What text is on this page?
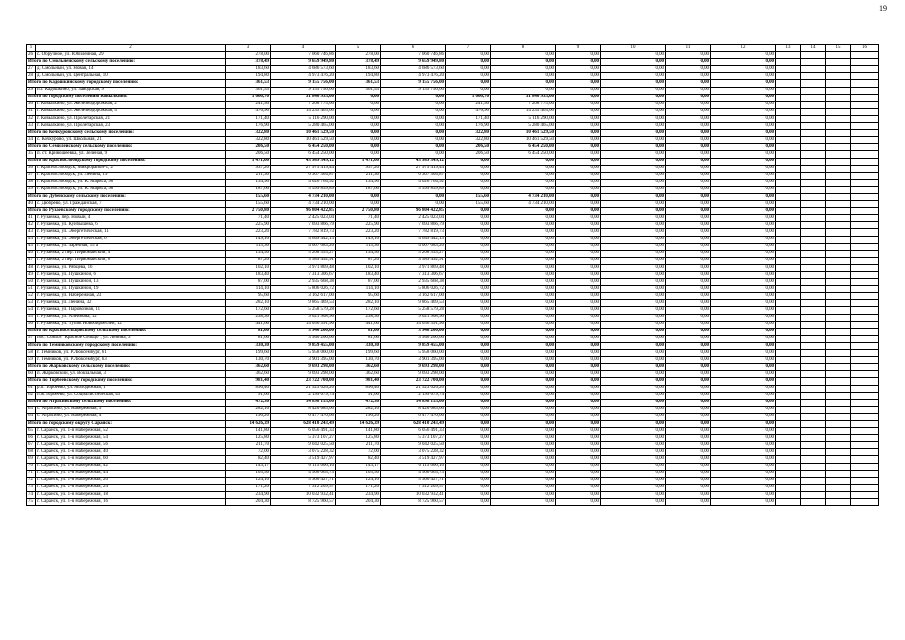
19
1	2	3	4	5	6	7	8	9	10	11	12	13	14	15	16
26	с. Обручное, ул. Юбилейная, 29	278,00	7 060 746,86	278,00	7 060 746,86	0,00	0,00	0,00	0,00	0,00	0,00				
Итого по Смольненскому сельскому поселению:		378,49	9 659 949,80	378,49	9 659 949,80	0,00	0,00	0,00	0,00	0,00	0,00				
27	д. Смольный, ул. Новая, 14	183,60	4 686 573,60	183,60	4 686 573,60	0,00	0,00	0,00	0,00	0,00	0,00				
28	д. Смольный, ул. Центральная, 10	194,80	4 973 476,20	194,80	4 973 476,20	0,00	0,00	0,00	0,00	0,00	0,00				
Итого по Кадошкинскому городскому поселению:		361,53	9 155 756,00	361,53	9 155 756,00	0,00	0,00	0,00	0,00	0,00	0,00				
29	п.г. Кадошкино, ул. Заводская, 9	361,53	9 155 756,00	361,53	9 155 756,00	0,00	0,00	0,00	0,00	0,00	0,00				
Итого по городскому поселению Ковылкино:		1 066,70	31 840 935,00	0,00	0,00	1 066,70	31 840 935,00	0,00	0,00	0,00	0,00				
30	г. Ковылкино, ул. Железнодорожная, 2	241,50	7 208 775,00	0,00	0,00	241,50	7 208 775,00	0,00	0,00	0,00	0,00				
31	г. Ковылкино, ул. Железнодорожная, 4	476,90	14 235 465,00	0,00	0,00	476,90	14 235 465,00	0,00	0,00	0,00	0,00				
32	г. Ковылкино, ул. Пролетарская, 21	171,40	5 116 290,00	0,00	0,00	171,40	5 116 290,00	0,00	0,00	0,00	0,00				
33	г. Ковылкино, ул. Пролетарская, 23	176,90	5 280 465,00	0,00	0,00	176,90	5 280 465,00	0,00	0,00	0,00	0,00				
Итого по Кочкуровскому сельскому поселению:		322,80	10 461 529,50	0,00	0,00	322,80	10 461 529,50	0,00	0,00	0,00	0,00				
34	с. Кочкурово, ул. Школьная, 21	322,80	10 461 529,50	0,00	0,00	322,80	10 461 529,50	0,00	0,00	0,00	0,00				
Итого по Семилейскому сельскому поселению:		206,50	6 454 250,00	0,00	0,00	206,50	6 454 250,00	0,00	0,00	0,00	0,00				
35	п. ст. Кривошеевка, ул. Зеленая, 9	206,50	6 454 250,00	0,00	0,00	206,50	6 454 250,00	0,00	0,00	0,00	0,00				
Итого по Краснослободскому городскому поселению:		1 471,60	43 989 349,12	1 471,60	43 989 349,12	0,00	0,00	0,00	0,00	0,00	0,00				
36	г. Краснослободск, Микрорайон-1, 2	937,20	27 975 419,44	937,20	27 975 419,44	0,00	0,00	0,00	0,00	0,00	0,00				
37	г. Краснослободск, ул. Ленина, 19	211,30	6 307 304,87	211,30	6 307 304,87	0,00	0,00	0,00	0,00	0,00	0,00				
38	г. Краснослободск, ул. К. Маркса, 96	134,90	4 026 764,92	134,90	4 026 764,92	0,00	0,00	0,00	0,00	0,00	0,00				
39	г. Краснослободск, ул. К. Маркса, 98	187,60	5 599 859,89	187,60	5 599 859,89	0,00	0,00	0,00	0,00	0,00	0,00				
Итого по Дубенскому сельскому поселению:		155,60	4 734 210,00	0,00	0,00	155,60	4 734 210,00	0,00	0,00	0,00	0,00				
40	с. Дюбрево, ул. Гражданская, 7	155,60	4 734 210,00	0,00	0,00	155,60	4 734 210,00	0,00	0,00	0,00	0,00				
Итого по Рузаевскому городскому поселению:		2 750,80	96 804 422,85	2 750,80	96 804 422,85	0,00	0,00	0,00	0,00	0,00	0,00				
41	г. Рузаевка, пер. Новый, 4	71,40	2 425 023,04	71,40	2 425 023,04	0,00	0,00	0,00	0,00	0,00	0,00				
42	г. Рузаевка, ул. Куйбышева, 6	225,90	7 693 866,79	225,90	7 693 866,79	0,00	0,00	0,00	0,00	0,00	0,00				
43	г. Рузаевка, ул. Энергетическая, 11	223,20	7 782 819,73	223,20	7 782 819,73	0,00	0,00	0,00	0,00	0,00	0,00				
44	г. Рузаевка, ул. Энергетическая, 6	149,10	4 649 442,13	149,10	4 649 442,13	0,00	0,00	0,00	0,00	0,00	0,00				
45	г. Рузаевка, ул. Заречная, 15 а	113,30	4 007 083,26	113,30	4 007 083,26	0,00	0,00	0,00	0,00	0,00	0,00				
46	г. Рузаевка, 2 пер. Первомайский, 4	134,50	5 268 553,27	134,50	5 268 553,27	0,00	0,00	0,00	0,00	0,00	0,00				
47	г. Рузаевка, 2 пер. Первомайский, 6	87,20	3 589 492,91	87,20	3 589 492,91	0,00	0,00	0,00	0,00	0,00	0,00				
48	г. Рузаевка, ул. Рябцева, 16	102,10	3 971 869,48	102,10	3 971 869,48	0,00	0,00	0,00	0,00	0,00	0,00				
49	г. Рузаевка, ул. Пушкиной, 6	183,40	7 313 306,67	183,40	7 313 306,67	0,00	0,00	0,00	0,00	0,00	0,00				
50	г. Рузаевка, ул. Пушкиной, 13	87,00	2 935 668,38	87,00	2 935 668,38	0,00	0,00	0,00	0,00	0,00	0,00				
51	г. Рузаевка, ул. Пушкиной, 19	114,10	5 806 026,72	114,10	5 806 026,72	0,00	0,00	0,00	0,00	0,00	0,00				
52	г. Рузаевка, ул. Набережная, 23	95,60	3 162 617,00	95,60	3 162 617,00	0,00	0,00	0,00	0,00	0,00	0,00				
53	г. Рузаевка, ул. Ленина, 32	282,10	9 865 469,53	282,10	9 865 469,53	0,00	0,00	0,00	0,00	0,00	0,00				
54	г. Рузаевка, ул. Паровозная, 11	172,60	5 258 579,28	172,60	5 258 579,28	0,00	0,00	0,00	0,00	0,00	0,00				
55	г. Рузаевка, ул. Алеймова, 12	238,30	9 021 908,90	238,30	9 021 908,90	0,00	0,00	0,00	0,00	0,00	0,00				
56	г. Рузаевка, ул. Тупик Новобирбеглей, 12	441,60	14 056 391,96	441,60	14 056 391,96	0,00	0,00	0,00	0,00	0,00	0,00				
Итого по Красносельцовскому сельскому поселению:		81,60	3 940 200,00	81,60	3 940 200,00	0,00	0,00	0,00	0,00	0,00	0,00				
57	пос. Совхоз "Красное Сельцо", ул. Ленина, 3	81,60	3 940 200,00	81,60	3 940 200,00	0,00	0,00	0,00	0,00	0,00	0,00				
Итого по Темниковскому городскому поселению:		330,30	9 859 455,00	330,30	9 859 455,00	0,00	0,00	0,00	0,00	0,00	0,00				
58	г. Темников, ул. Р.Люксембург, 61	199,60	5 958 060,00	199,60	5 958 060,00	0,00	0,00	0,00	0,00	0,00	0,00				
59	г. Темников, ул. Р.Люксембург, 63	130,70	3 901 395,00	130,70	3 901 395,00	0,00	0,00	0,00	0,00	0,00	0,00				
Итого по Жарковскому сельскому поселению:		362,60	9 693 298,00	362,60	9 693 298,00	0,00	0,00	0,00	0,00	0,00	0,00				
60	п. Жарковский, ул. Вокзальная, 3	362,60	9 693 298,00	362,60	9 693 298,00	0,00	0,00	0,00	0,00	0,00	0,00				
Итого по Торбеевскому городскому поселению:		981,40	23 722 700,00	981,40	23 722 700,00	0,00	0,00	0,00	0,00	0,00	0,00				
61	р.п. Торбеево, ул. Молодежная, 1	890,40	21 523 020,26	890,40	21 523 020,26	0,00	0,00	0,00	0,00	0,00	0,00				
62	п.ж.Торбеево, ул. Социалистическая, 43	91,00	2 199 679,74	91,00	2 199 679,74	0,00	0,00	0,00	0,00	0,00	0,00				
Итого по Атрасинскому сельскому поселению:		472,36	14 898 155,00	472,36	14 898 155,00	0,00	0,00	0,00	0,00	0,00	0,00				
63	с. Атрасино, ул. Набережная, 5	282,10	8 420 685,00	282,10	8 420 685,00	0,00	0,00	0,00	0,00	0,00	0,00				
64	с. Атрасино, ул. Набережная, 4	190,26	6 477 470,00	190,26	6 477 470,00	0,00	0,00	0,00	0,00	0,00	0,00				
Итого по городскому округу Саранск:		14 626,39	628 410 243,49	14 626,39	628 410 243,49	0,00	0,00	0,00	0,00	0,00	0,00				
65	г. Саранск, ул. 1-я Набережная, 52	141,80	6 056 491,33	141,80	6 056 491,33	0,00	0,00	0,00	0,00	0,00	0,00				
66	г. Саранск, ул. 1-я Набережная, 54	125,80	5 373 107,27	125,80	5 373 107,27	0,00	0,00	0,00	0,00	0,00	0,00				
67	г. Саранск, ул. 1-я Набережная, 56	211,70	9 042 025,50	211,70	9 042 025,50	0,00	0,00	0,00	0,00	0,00	0,00				
68	г. Саранск, ул. 1-я Набережная, 40	72,00	3 075 228,32	72,00	3 075 228,32	0,00	0,00	0,00	0,00	0,00	0,00				
69	г. Саранск, ул. 1-я Набережная, 60	82,40	3 519 427,97	82,40	3 519 427,97	0,00	0,00	0,00	0,00	0,00	0,00				
70	г. Саранск, ул. 1-я Набережная, 42	143,17	6 115 006,10	143,17	6 115 006,10	0,00	0,00	0,00	0,00	0,00	0,00				
71	г. Саранск, ул. 1-я Набережная, 44	105,50	4 506 063,73	105,50	4 506 063,73	0,00	0,00	0,00	0,00	0,00	0,00				
72	г. Саранск, ул. 1-я Набережная, 20	124,10	5 300 427,71	124,10	5 300 427,71	0,00	0,00	0,00	0,00	0,00	0,00				
73	г. Саранск, ул. 1-я Набережная, 24	171,20	7 312 209,57	171,20	7 312 209,57	0,00	0,00	0,00	0,00	0,00	0,00				
74	г. Саранск, ул. 1-я Набережная, 18	234,90	10 032 932,41	234,90	10 032 932,41	0,00	0,00	0,00	0,00	0,00	0,00				
75	г. Саранск, ул. 1-я Набережная, 16	204,30	8 725 960,57	204,30	8 725 960,57	0,00	0,00	0,00	0,00	0,00	0,00				
